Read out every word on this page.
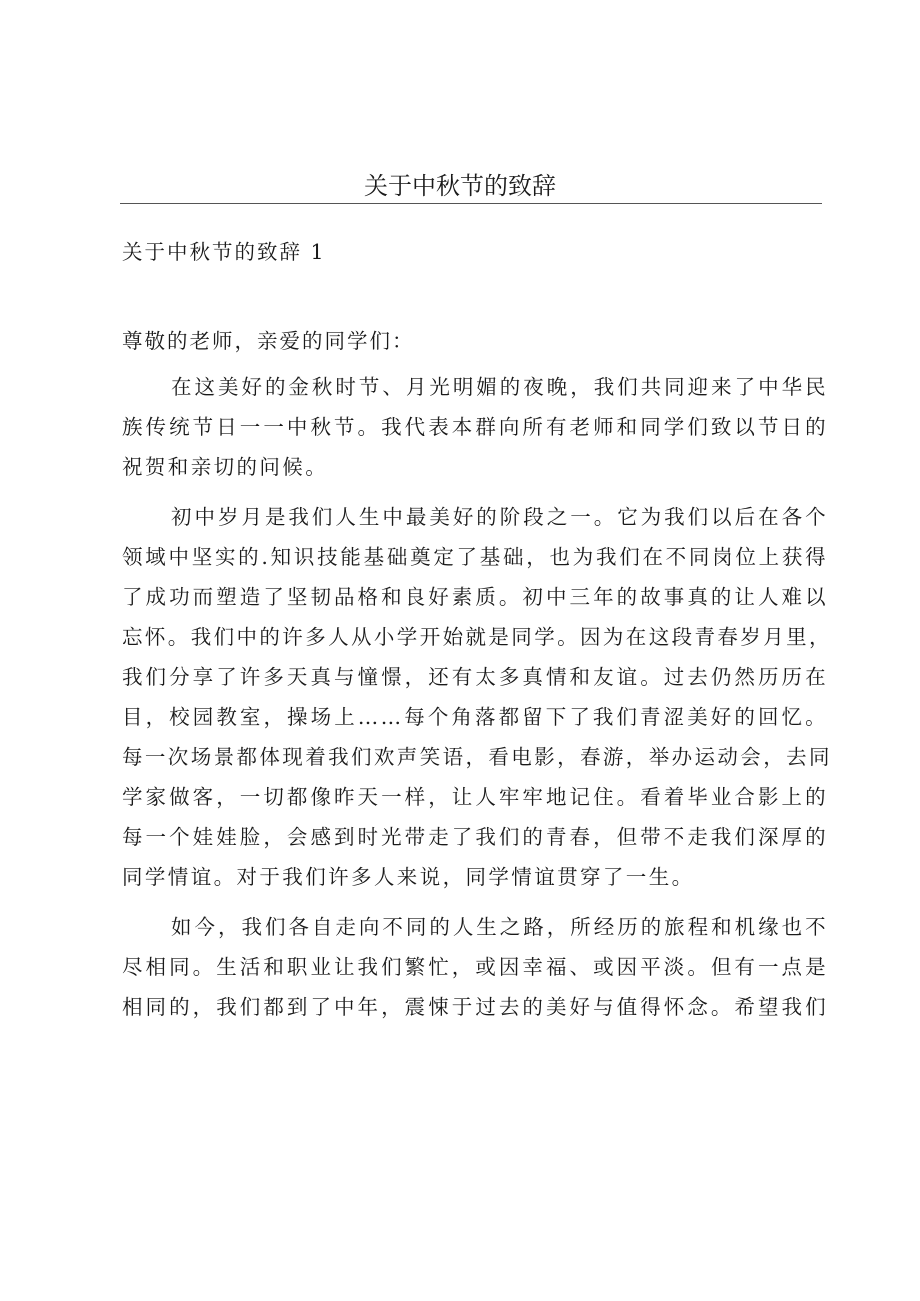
关于中秋节的致辞
关于中秋节的致辞 1
尊敬的老师，亲爱的同学们：

在这美好的金秋时节、月光明媚的夜晚，我们共同迎来了中华民
族传统节日一一中秋节。我代表本群向所有老师和同学们致以节日的
祝贺和亲切的问候。

初中岁月是我们人生中最美好的阶段之一。它为我们以后在各个
领域中坚实的.知识技能基础奠定了基础，也为我们在不同岗位上获得
了成功而塑造了坚韧品格和良好素质。初中三年的故事真的让人难以
忘怀。我们中的许多人从小学开始就是同学。因为在这段青春岁月里，
我们分享了许多天真与憧憬，还有太多真情和友谊。过去仍然历历在
目，校园教室，操场上……每个角落都留下了我们青涩美好的回忆。
每一次场景都体现着我们欢声笑语，看电影，春游，举办运动会，去同
学家做客，一切都像昨天一样，让人牢牢地记住。看着毕业合影上的
每一个娃娃脸，会感到时光带走了我们的青春，但带不走我们深厚的
同学情谊。对于我们许多人来说，同学情谊贯穿了一生。

如今，我们各自走向不同的人生之路，所经历的旅程和机缘也不
尽相同。生活和职业让我们繁忙，或因幸福、或因平淡。但有一点是
相同的，我们都到了中年，震悚于过去的美好与值得怀念。希望我们
